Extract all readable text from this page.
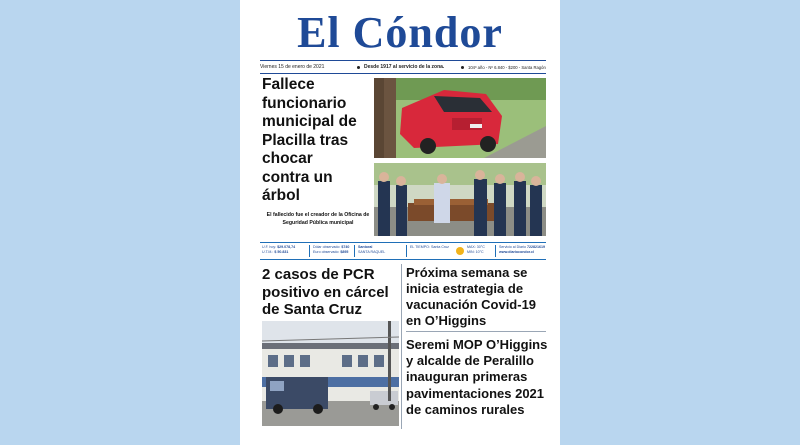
El Cóndor
Viernes 15 de enero de 2021	Desde 1917 al servicio de la zona.	104º año - Nº 6.840 - $200 - Santa Ragón
Fallece funcionario municipal de Placilla tras chocar contra un árbol
El fallecido fue el creador de la Oficina de Seguridad Pública municipal
U.F. hoy: $29.078,74
U.T.M.: $ 50.831
Dólar observado: $740
Euro observado: $895
Santoral
SANTA RAQUEL
EL TIEMPO: Santa Cruz	MAX: 30°C
MIN: 10°C
Servicio al Diario 722821619
www.diariocondor.cl
2 casos de PCR positivo en cárcel de Santa Cruz
Próxima semana se inicia estrategia de vacunación Covid-19 en O’Higgins
Seremi MOP O’Higgins y alcalde de Peralillo inauguran primeras pavimentaciones 2021 de caminos rurales
